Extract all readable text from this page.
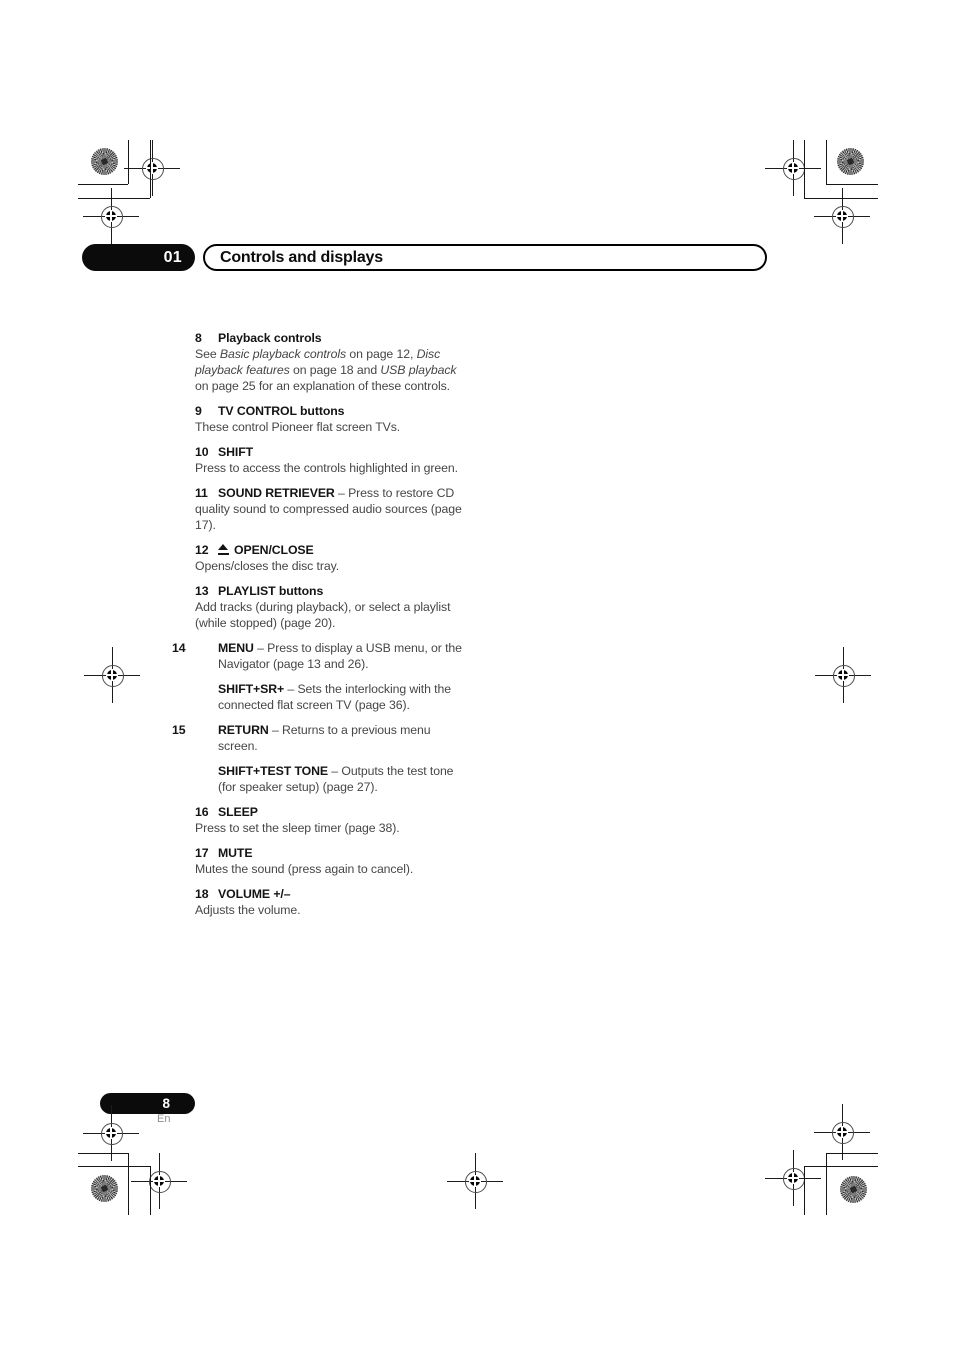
01	Controls and displays

8 Playback controls

See Basic playback controls on page 12, Disc playback features on page 18 and USB playback on page 25 for an explanation of these controls.

9 TV CONTROL buttons

These control Pioneer flat screen TVs.

10 SHIFT

Press to access the controls highlighted in green.

11 SOUND RETRIEVER – Press to restore CD quality sound to compressed audio sources (page 17).

12 OPEN/CLOSE

Opens/closes the disc tray.

13 PLAYLIST buttons

Add tracks (during playback), or select a playlist (while stopped) (page 20).

14	MENU – Press to display a USB menu, or the Navigator (page 13 and 26).

SHIFT+SR+ – Sets the interlocking with the connected flat screen TV (page 36).

15	RETURN – Returns to a previous menu screen.

SHIFT+TEST TONE – Outputs the test tone (for speaker setup) (page 27).

16 SLEEP

Press to set the sleep timer (page 38).

17 MUTE

Mutes the sound (press again to cancel).

18 VOLUME +/–

Adjusts the volume.

8
En
